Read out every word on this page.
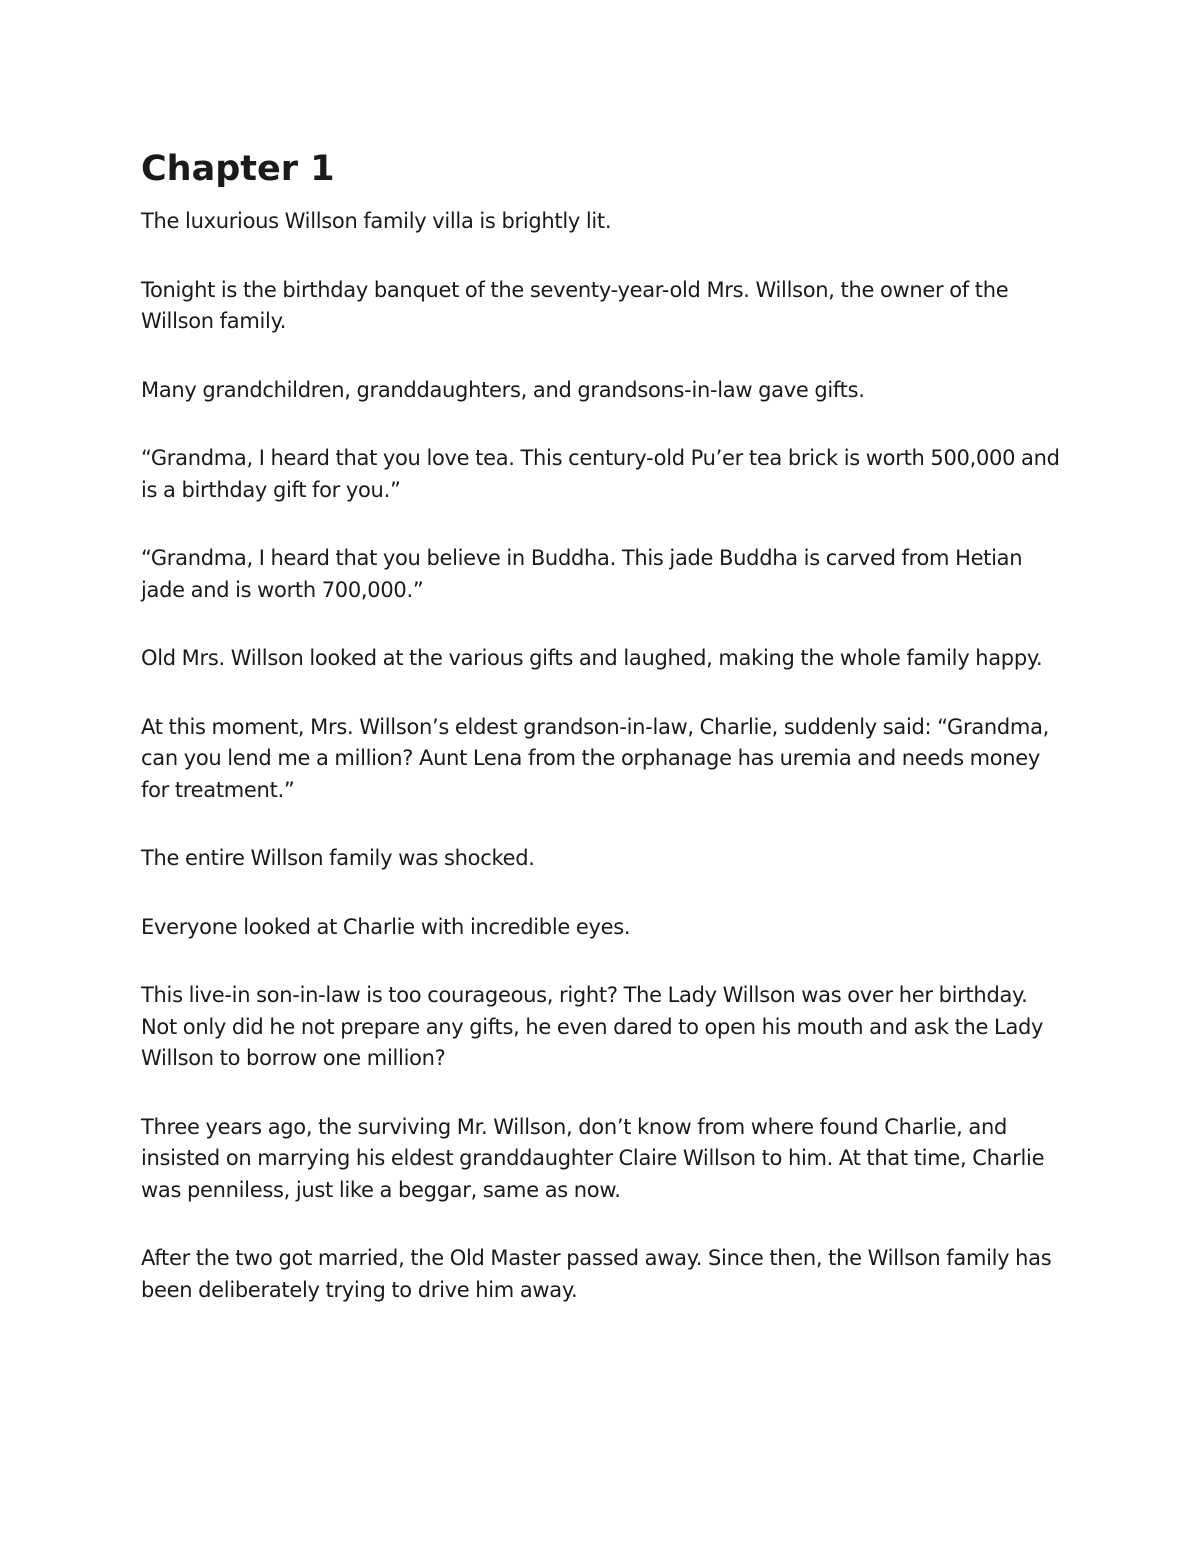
Chapter 1

The luxurious Willson family villa is brightly lit.

Tonight is the birthday banquet of the seventy-year-old Mrs. Willson, the owner of the Willson family.

Many grandchildren, granddaughters, and grandsons-in-law gave gifts.

“Grandma, I heard that you love tea. This century-old Pu’er tea brick is worth 500,000 and is a birthday gift for you.”

“Grandma, I heard that you believe in Buddha. This jade Buddha is carved from Hetian jade and is worth 700,000.”

Old Mrs. Willson looked at the various gifts and laughed, making the whole family happy.

At this moment, Mrs. Willson’s eldest grandson-in-law, Charlie, suddenly said: “Grandma, can you lend me a million? Aunt Lena from the orphanage has uremia and needs money for treatment.”

The entire Willson family was shocked.

Everyone looked at Charlie with incredible eyes.

This live-in son-in-law is too courageous, right? The Lady Willson was over her birthday. Not only did he not prepare any gifts, he even dared to open his mouth and ask the Lady Willson to borrow one million?

Three years ago, the surviving Mr. Willson, don’t know from where found Charlie, and insisted on marrying his eldest granddaughter Claire Willson to him. At that time, Charlie was penniless, just like a beggar, same as now.

After the two got married, the Old Master passed away. Since then, the Willson family has been deliberately trying to drive him away.
